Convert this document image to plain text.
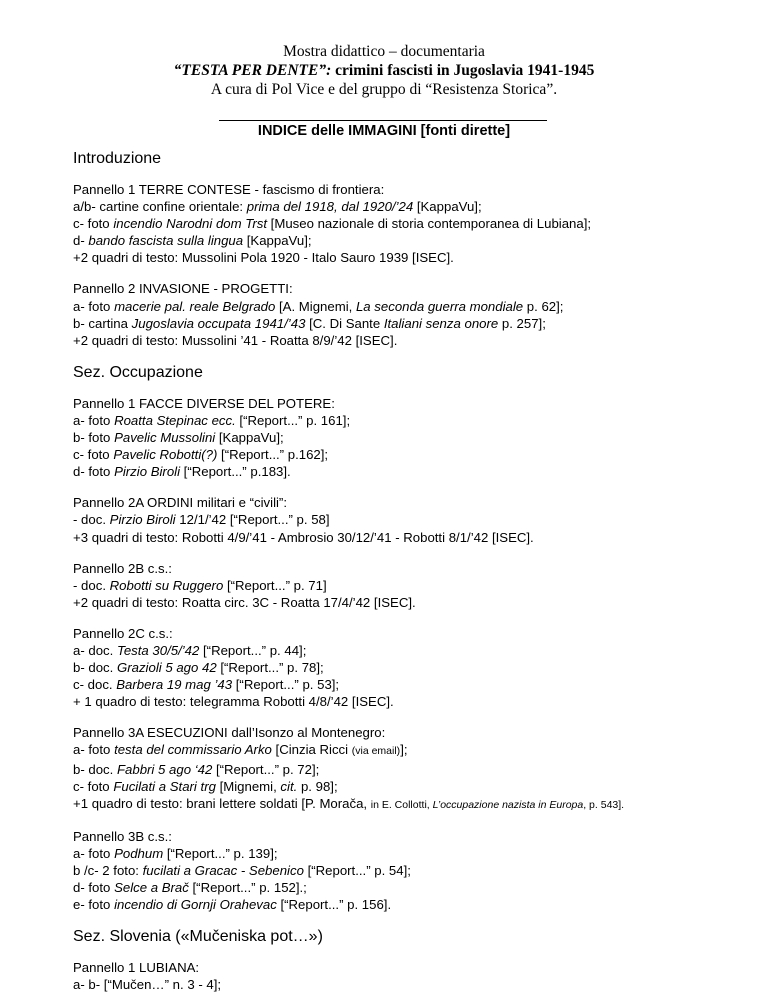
Mostra didattico – documentaria
“TESTA PER DENTE”: crimini fascisti in Jugoslavia 1941-1945
A cura di Pol Vice e del gruppo di “Resistenza Storica”.
INDICE delle IMMAGINI [fonti dirette]
Introduzione
Pannello 1 TERRE CONTESE - fascismo di frontiera:
a/b- cartine confine orientale: prima del 1918, dal 1920/’24 [KappaVu];
c- foto incendio Narodni dom Trst [Museo nazionale di storia contemporanea di Lubiana];
d- bando fascista sulla lingua [KappaVu];
+2 quadri di testo: Mussolini Pola 1920 - Italo Sauro 1939 [ISEC].
Pannello 2 INVASIONE - PROGETTI:
a- foto macerie pal. reale Belgrado [A. Mignemi, La seconda guerra mondiale p. 62];
b- cartina Jugoslavia occupata 1941/’43 [C. Di Sante Italiani senza onore p. 257];
+2 quadri di testo: Mussolini ’41 - Roatta 8/9/’42 [ISEC].
Sez. Occupazione
Pannello 1 FACCE DIVERSE DEL POTERE:
a- foto Roatta Stepinac ecc. [“Report...” p. 161];
b- foto Pavelic Mussolini [KappaVu];
c- foto Pavelic Robotti(?) [“Report...” p.162];
d- foto Pirzio Biroli [“Report...” p.183].
Pannello 2A ORDINI militari e “civili”:
- doc. Pirzio Biroli 12/1/’42 [“Report...” p. 58]
+3 quadri di testo: Robotti 4/9/’41 - Ambrosio 30/12/’41 - Robotti 8/1/’42 [ISEC].
Pannello 2B c.s.:
- doc. Robotti su Ruggero [“Report...” p. 71]
+2 quadri di testo: Roatta circ. 3C - Roatta 17/4/’42 [ISEC].
Pannello 2C c.s.:
a- doc. Testa 30/5/’42 [“Report...” p. 44];
b- doc. Grazioli 5 ago 42 [“Report...” p. 78];
c- doc. Barbera 19 mag ’43 [“Report...” p. 53];
+ 1 quadro di testo: telegramma Robotti 4/8/’42 [ISEC].
Pannello 3A ESECUZIONI dall’Isonzo al Montenegro:
a- foto testa del commissario Arko [Cinzia Ricci (via email)];
b- doc. Fabbri 5 ago ‘42 [“Report...” p. 72];
c- foto Fucilati a Stari trg [Mignemi, cit. p. 98];
+1 quadro di testo: brani lettere soldati [P. Morača, in E. Collotti, L’occupazione nazista in Europa, p. 543].
Pannello 3B c.s.:
a- foto Podhum [“Report...” p. 139];
b /c- 2 foto: fucilati a Gracac - Sebenico [“Report...” p. 54];
d- foto Selce a Brač [“Report...” p. 152].;
e- foto incendio di Gornji Orahevac [“Report...” p. 156].
Sez. Slovenia («Mučeniska pot…»)
Pannello 1 LUBIANA:
a- b- [“Mučen…” n. 3 - 4];
